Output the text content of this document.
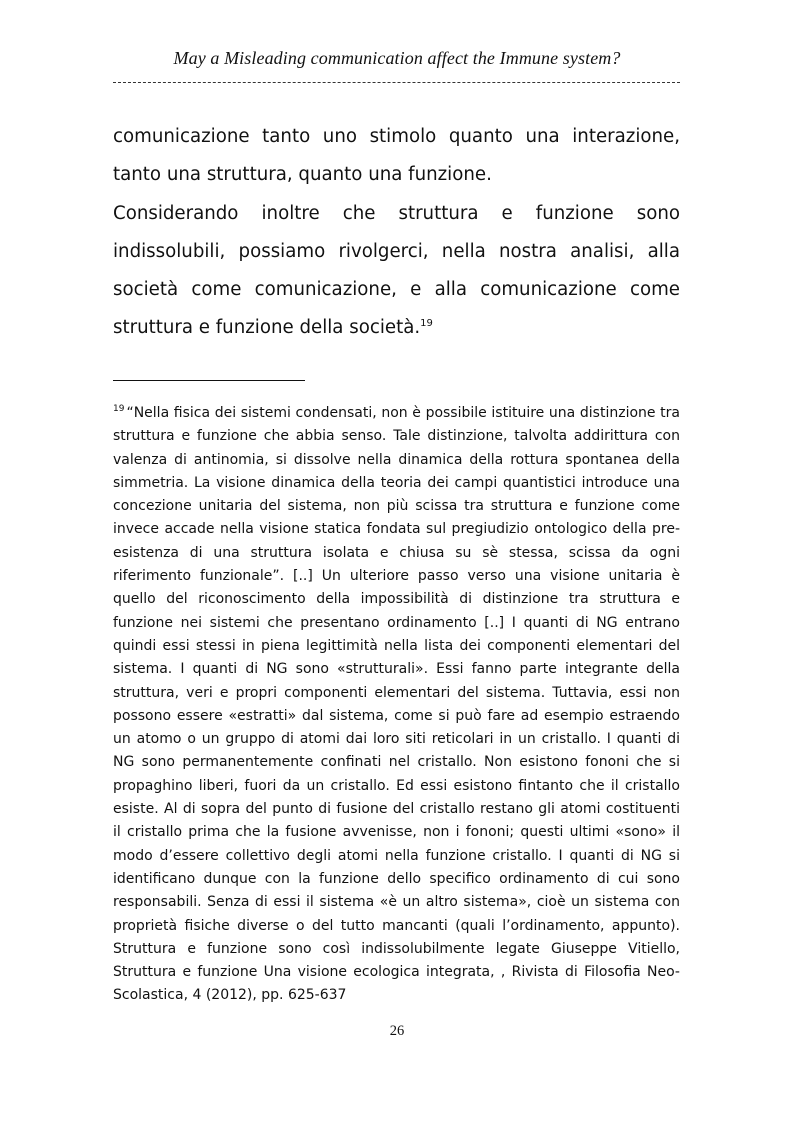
May a Misleading communication affect the Immune system?

comunicazione tanto uno stimolo quanto una interazione, tanto una struttura, quanto una funzione.

Considerando inoltre che struttura e funzione sono indissolubili, possiamo rivolgerci, nella nostra analisi, alla società come comunicazione, e alla comunicazione come struttura e funzione della società.$^{19}$

$^{19}$ “Nella fisica dei sistemi condensati, non è possibile istituire una distinzione tra struttura e funzione che abbia senso. Tale distinzione, talvolta addirittura con valenza di antinomia, si dissolve nella dinamica della rottura spontanea della simmetria. La visione dinamica della teoria dei campi quantistici introduce una concezione unitaria del sistema, non più scissa tra struttura e funzione come invece accade nella visione statica fondata sul pregiudizio ontologico della pre-esistenza di una struttura isolata e chiusa su sè stessa, scissa da ogni riferimento funzionale”. [..] Un ulteriore passo verso una visione unitaria è quello del riconoscimento della impossibilità di distinzione tra struttura e funzione nei sistemi che presentano ordinamento [..] I quanti di NG entrano quindi essi stessi in piena legittimità nella lista dei componenti elementari del sistema. I quanti di NG sono «strutturali». Essi fanno parte integrante della struttura, veri e propri componenti elementari del sistema. Tuttavia, essi non possono essere «estratti» dal sistema, come si può fare ad esempio estraendo un atomo o un gruppo di atomi dai loro siti reticolari in un cristallo. I quanti di NG sono permanentemente confinati nel cristallo. Non esistono fononi che si propaghino liberi, fuori da un cristallo. Ed essi esistono fintanto che il cristallo esiste. Al di sopra del punto di fusione del cristallo restano gli atomi costituenti il cristallo prima che la fusione avvenisse, non i fononi; questi ultimi «sono» il modo d’essere collettivo degli atomi nella funzione cristallo. I quanti di NG si identificano dunque con la funzione dello specifico ordinamento di cui sono responsabili. Senza di essi il sistema «è un altro sistema», cioè un sistema con proprietà fisiche diverse o del tutto mancanti (quali l’ordinamento, appunto). Struttura e funzione sono così indissolubilmente legate Giuseppe Vitiello, Struttura e funzione Una visione ecologica integrata, , Rivista di Filosofia Neo-Scolastica, 4 (2012), pp. 625-637

26
